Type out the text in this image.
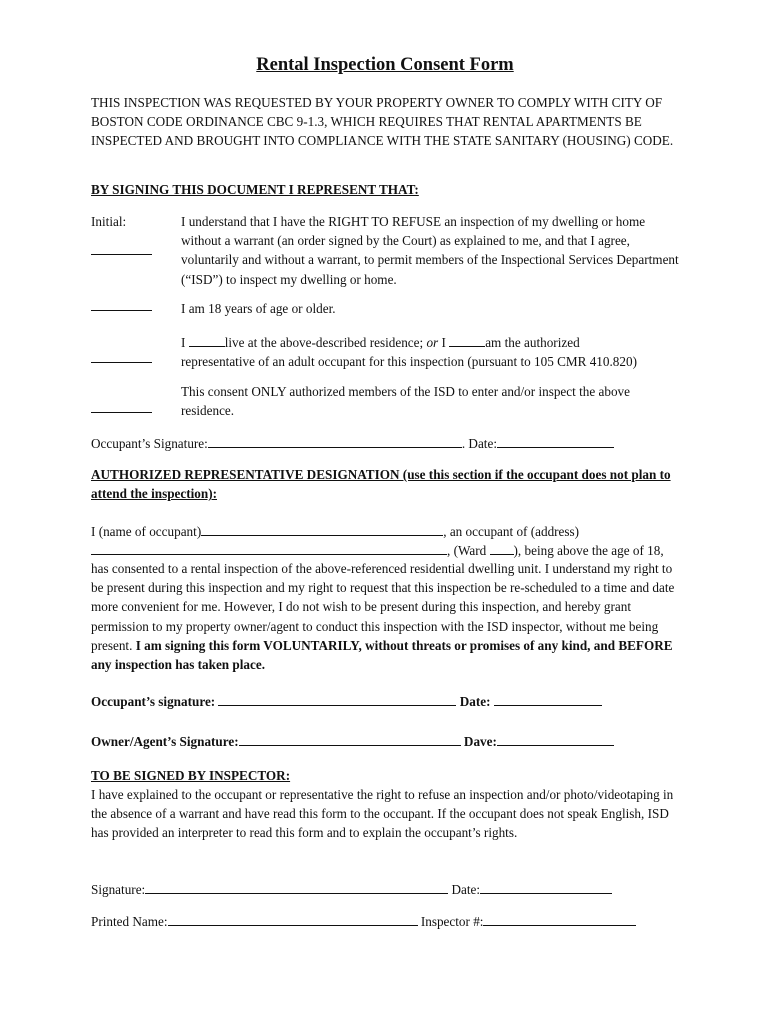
Rental Inspection Consent Form
THIS INSPECTION WAS REQUESTED BY YOUR PROPERTY OWNER TO COMPLY WITH CITY OF BOSTON CODE ORDINANCE CBC 9-1.3, WHICH REQUIRES THAT RENTAL APARTMENTS BE INSPECTED AND BROUGHT INTO COMPLIANCE WITH THE STATE SANITARY (HOUSING) CODE.
BY SIGNING THIS DOCUMENT I REPRESENT THAT:
Initial:	I understand that I have the RIGHT TO REFUSE an inspection of my dwelling or home without a warrant (an order signed by the Court) as explained to me, and that I agree, voluntarily and without a warrant, to permit members of the Inspectional Services Department (“ISD”) to inspect my dwelling or home.
I am 18 years of age or older.
I	live at the above-described residence; or I	am the authorized
representative of an adult occupant for this inspection (pursuant to 105 CMR 410.820)
This consent ONLY authorized members of the ISD to enter and/or inspect the above residence.
Occupant’s Signature:	. Date:
AUTHORIZED REPRESENTATIVE DESIGNATION (use this section if the occupant does not plan to attend the inspection):
I (name of occupant)	, an occupant of (address)
, (Ward ), being above the age of 18,
has consented to a rental inspection of the above-referenced residential dwelling unit. I understand my right to be present during this inspection and my right to request that this inspection be re-scheduled to a time and date more convenient for me. However, I do not wish to be present during this inspection, and hereby grant permission to my property owner/agent to conduct this inspection with the ISD inspector, without me being present. I am signing this form VOLUNTARILY, without threats or promises of any kind, and BEFORE any inspection has taken place.
Occupant’s signature:	Date:
Owner/Agent’s Signature:	Dave:
TO BE SIGNED BY INSPECTOR:
I have explained to the occupant or representative the right to refuse an inspection and/or photo/videotaping in the absence of a warrant and have read this form to the occupant. If the occupant does not speak English, ISD has provided an interpreter to read this form and to explain the occupant’s rights.
Signature:	Date:
Printed Name:	Inspector #:
